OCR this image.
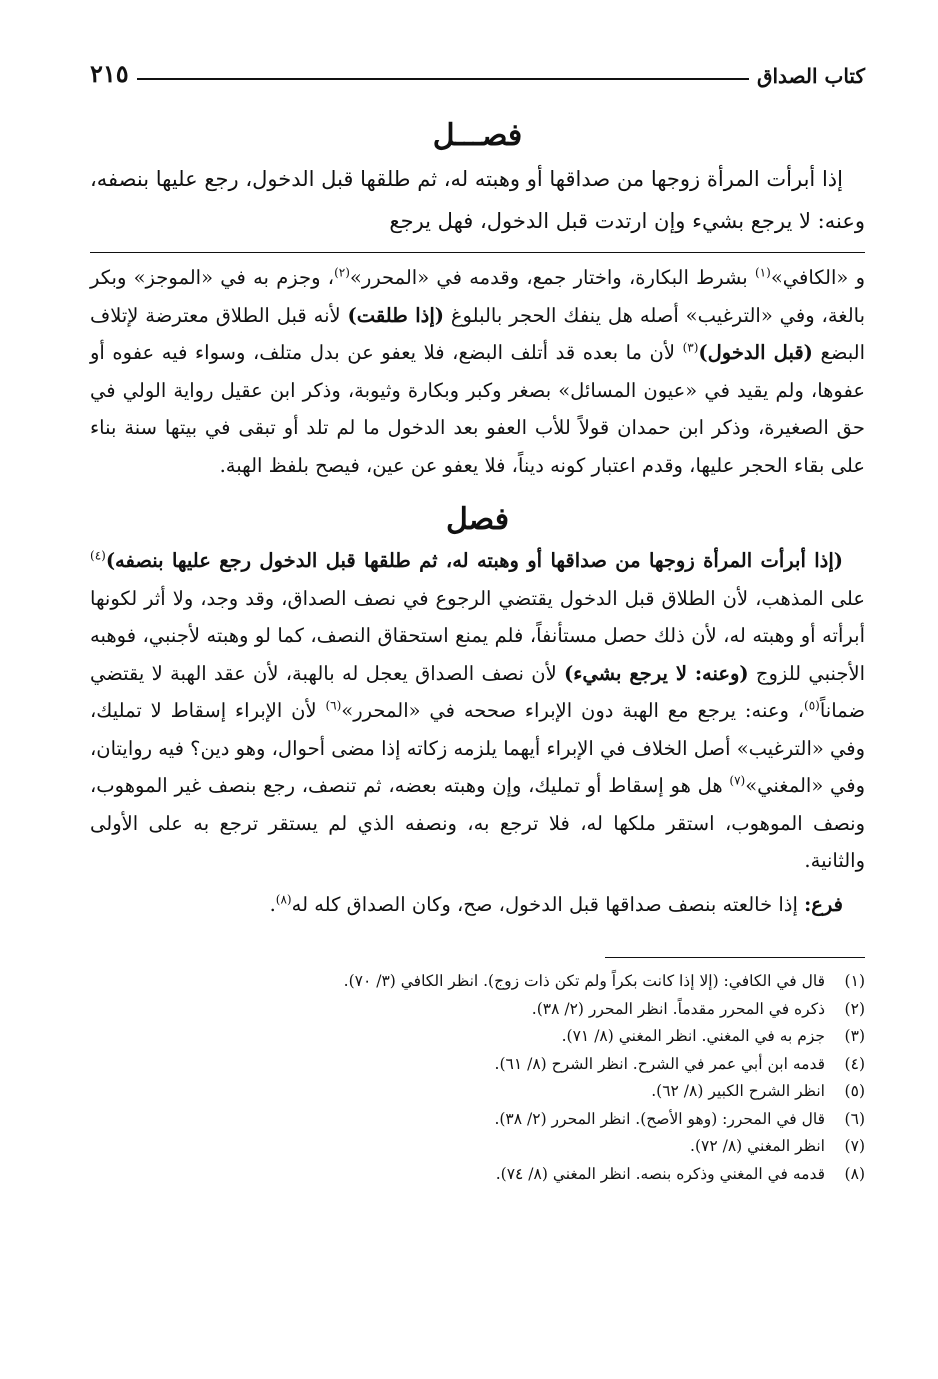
كتاب الصداق
٢١٥
فصـــل

إذا أبرأت المرأة زوجها من صداقها أو وهبته له، ثم طلقها قبل الدخول، رجع عليها بنصفه، وعنه: لا يرجع بشيء وإن ارتدت قبل الدخول، فهل يرجع

و «الكافي»$^{(١)}$ بشرط البكارة، واختار جمع، وقدمه في «المحرر»$^{(٢)}$، وجزم به في «الموجز» وبكر بالغة، وفي «الترغيب» أصله هل ينفك الحجر بالبلوغ (إذا طلقت) لأنه قبل الطلاق معترضة لإتلاف البضع (قبل الدخول)$^{(٣)}$ لأن ما بعده قد أتلف البضع، فلا يعفو عن بدل متلف، وسواء فيه عفوه أو عفوها، ولم يقيد في «عيون المسائل» بصغر وكبر وبكارة وثيوبة، وذكر ابن عقيل رواية الولي في حق الصغيرة، وذكر ابن حمدان قولاً للأب العفو بعد الدخول ما لم تلد أو تبقى في بيتها سنة بناء على بقاء الحجر عليها، وقدم اعتبار كونه ديناً، فلا يعفو عن عين، فيصح بلفظ الهبة.

فصل

(إذا أبرأت المرأة زوجها من صداقها أو وهبته له، ثم طلقها قبل الدخول رجع عليها بنصفه)$^{(٤)}$ على المذهب، لأن الطلاق قبل الدخول يقتضي الرجوع في نصف الصداق، وقد وجد، ولا أثر لكونها أبرأته أو وهبته له، لأن ذلك حصل مستأنفاً، فلم يمنع استحقاق النصف، كما لو وهبته لأجنبي، فوهبه الأجنبي للزوج (وعنه: لا يرجع بشيء) لأن نصف الصداق يعجل له بالهبة، لأن عقد الهبة لا يقتضي ضماناً$^{(٥)}$، وعنه: يرجع مع الهبة دون الإبراء صححه في «المحرر»$^{(٦)}$ لأن الإبراء إسقاط لا تمليك، وفي «الترغيب» أصل الخلاف في الإبراء أيهما يلزمه زكاته إذا مضى أحوال، وهو دين؟ فيه روايتان، وفي «المغني»$^{(٧)}$ هل هو إسقاط أو تمليك، وإن وهبته بعضه، ثم تنصف، رجع بنصف غير الموهوب، ونصف الموهوب، استقر ملكها له، فلا ترجع به، ونصفه الذي لم يستقر ترجع به على الأولى والثانية.

فرع: إذا خالعته بنصف صداقها قبل الدخول، صح، وكان الصداق كله له$^{(٨)}$.

(١)
قال في الكافي: (إلا إذا كانت بكراً ولم تكن ذات زوج). انظر الكافي (٣/ ٧٠).
(٢)
ذكره في المحرر مقدماً. انظر المحرر (٢/ ٣٨).
(٣)
جزم به في المغني. انظر المغني (٨/ ٧١).
(٤)
قدمه ابن أبي عمر في الشرح. انظر الشرح (٨/ ٦١).
(٥)
انظر الشرح الكبير (٨/ ٦٢).
(٦)
قال في المحرر: (وهو الأصح). انظر المحرر (٢/ ٣٨).
(٧)
انظر المغني (٨/ ٧٢).
(٨)
قدمه في المغني وذكره بنصه. انظر المغني (٨/ ٧٤).
